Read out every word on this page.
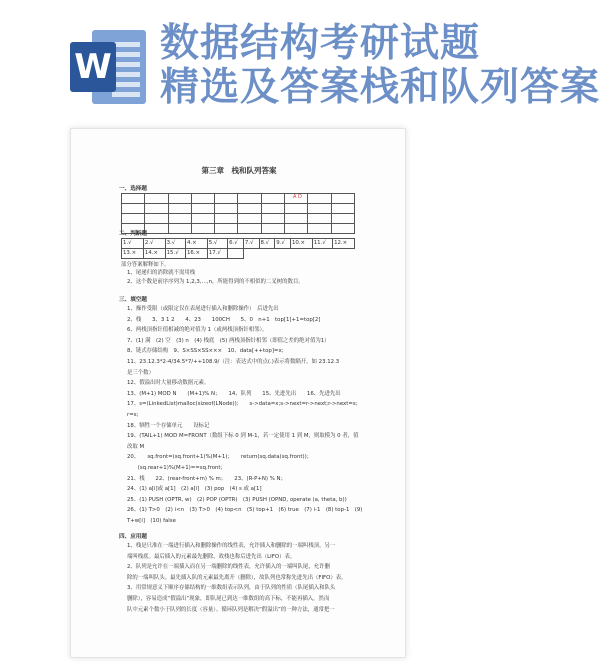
W
数据结构考研试题
精选及答案栈和队列答案
第三章　栈和队列答案
一、选择题

A D
二、判断题
1.√	2.√	3.√	4.×	5.√	6.√	7.√	8.√	9.√	10.×	11.√	12.×
13.×	14.×	15.√	16.×	17.√							
部分答案解释如下。
1、尾递归的消除就不需用栈
2、这个数是前序序列为 1,2,3,…,n，所能得到的不相似的二叉树的数目。
三、填空题
1、操作受限（或限定仅在表尾进行插入和删除操作）　后进先出
2、栈　　3、3 1 2　　4、23　　100CH　　5、0　n+1　top[1]+1=top[2]
6、两栈顶指针值相减的绝对值为 1（或两栈顶指针相邻）。
7、(1) 满　(2) 空　(3) n　(4) 栈底　(5) 两栈顶指针相邻（即值之差的绝对值为1）
8、链式存储结构　9、S×SS×SS×××　10、data[++top]=x;
11、23.12.3*2-4/34.5*7/++108.9/（注：表达式中的点(.)表示将数隔开，如 23.12.3
是三个数）
12、假溢出时大量移动数据元素。
13、(M+1) MOD N　　(M+1)% N；　　14、队列　　15、先进先出　　16、先进先出
17、s=(LinkedList)malloc(sizeof(LNode));　　s->data=x;s->next=r->next;r->next=s;
r=s;
18、牺牲一个存储单元　　设标记
19、(TAIL+1) MOD M=FRONT（数组下标 0 到 M-1，若一定使用 1 到 M，则取模为 0 者，值
改取 M
20、　　sq.front=(sq.front+1)%(M+1)；　　return(sq.data(sq.front))；
　　(sq.rear+1)%(M+1)==sq.front；
21、栈　　22、(rear-front+m) % m；　　23、(R-P+N) % N；
24、(1) a[i]或 a[1]　(2) a[i]　(3) pop　(4) s 或 a[1]
25、(1) PUSH (OPTR, w)　(2) POP (OPTR)　(3) PUSH (OPND, operate (a, theta, b))
26、(1) T>0　(2) i<n　(3) T>0　(4) top<n　(5) top+1　(6) true　(7) i-1　(8) top-1　(9)
T+w[i]　(10) false
四、应用题
1、栈是只准在一端进行插入和删除操作的线性表，允许插入和删除的一端叫栈顶，另一
端叫栈底。最后插入的元素最先删除，故栈也称后进先出（LIFO）表。
2、队列是允许在一端插入而在另一端删除的线性表，允许插入的一端叫队尾，允许删
除的一端叫队头。最先插入队的元素最先离开（删除），故队列也常称先进先出（FIFO）表。
3、用常规意义下顺序存储结构的一维数组表示队列，由于队列的性质（队尾插入和队头
删除），容易造成“假溢出”现象，即队尾已到达一维数组的高下标，不能再插入，然而
队中元素个数小于队列的长度（容量）。循环队列是解决“假溢出”的一种方法，通常把一
